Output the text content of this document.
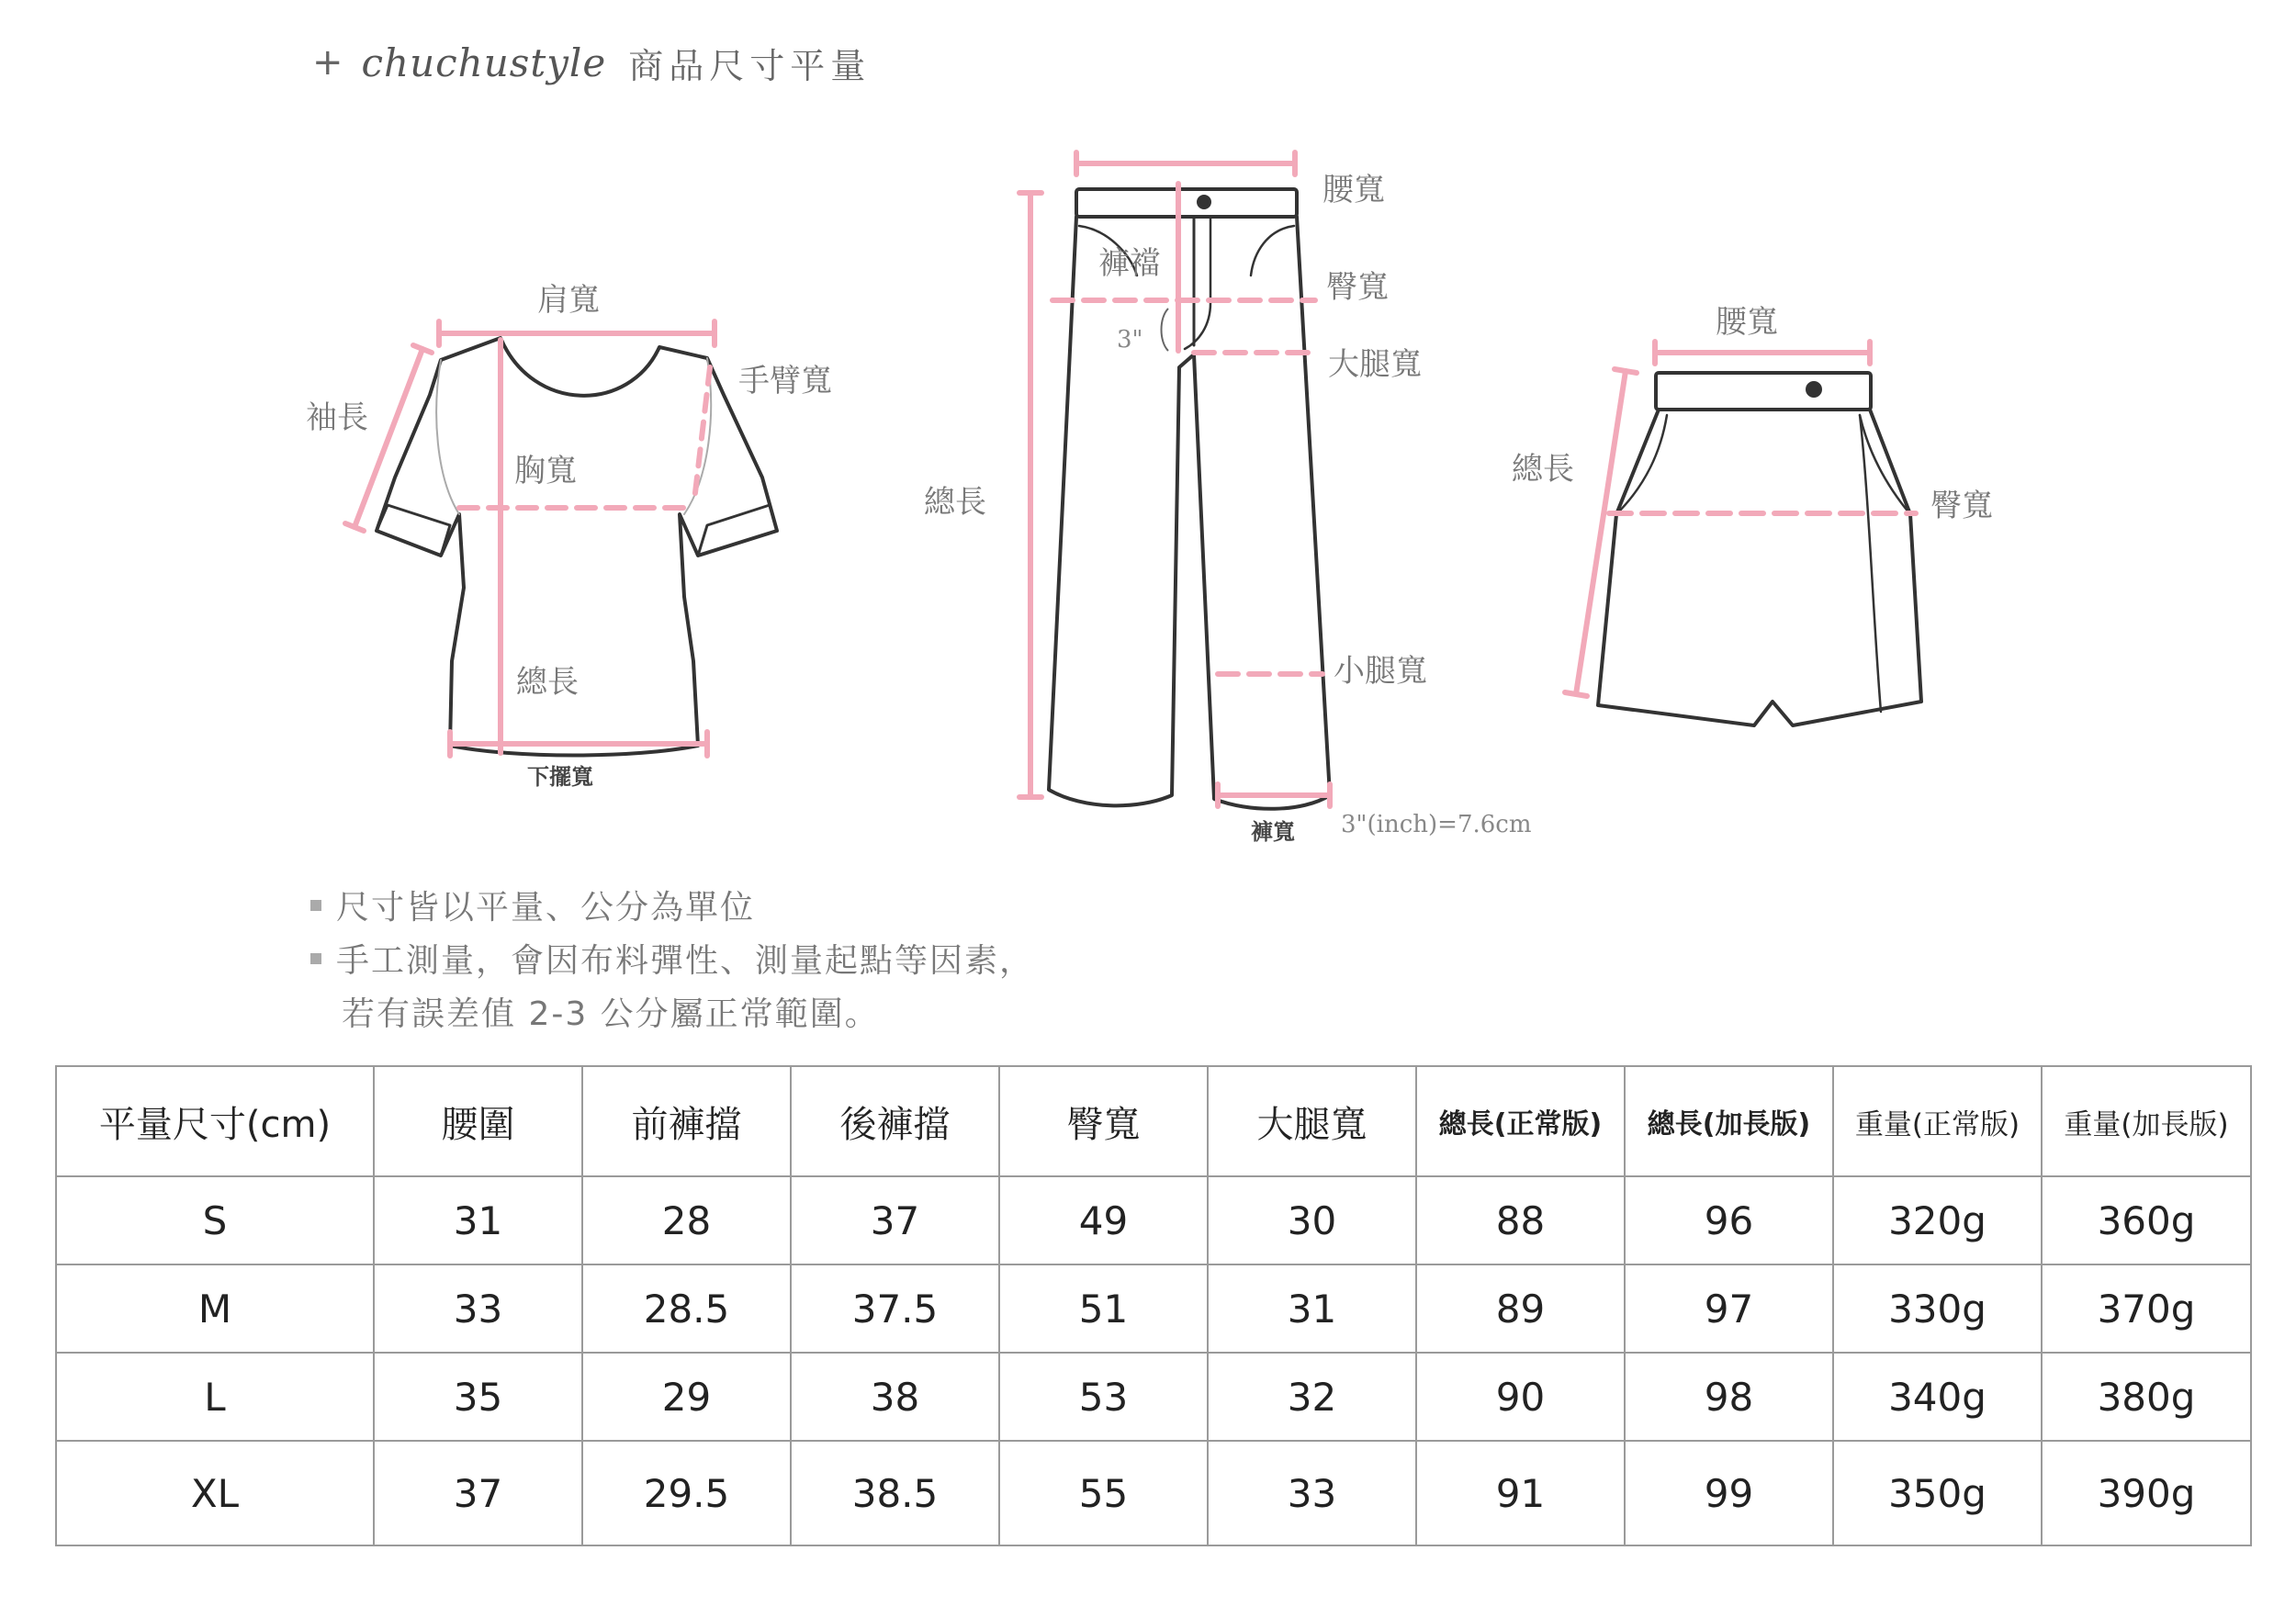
+ chuchustyle 商品尺寸平量
肩寬
袖長
手臂寬
胸寬
總長
下擺寬
腰寬
褲襠
臀寬
3"
大腿寬
總長
小腿寬
褲寬 3"(inch)=7.6cm
腰寬
總長
臀寬
尺寸皆以平量、公分為單位
手工測量，會因布料彈性、測量起點等因素，
若有誤差值 2-3 公分屬正常範圍。
平量尺寸(cm)	腰圍	前褲擋	後褲擋	臀寬	大腿寬	總長(正常版)	總長(加長版)	重量(正常版)	重量(加長版)
S	31	28	37	49	30	88	96	320g	360g
M	33	28.5	37.5	51	31	89	97	330g	370g
L	35	29	38	53	32	90	98	340g	380g
XL	37	29.5	38.5	55	33	91	99	350g	390g
